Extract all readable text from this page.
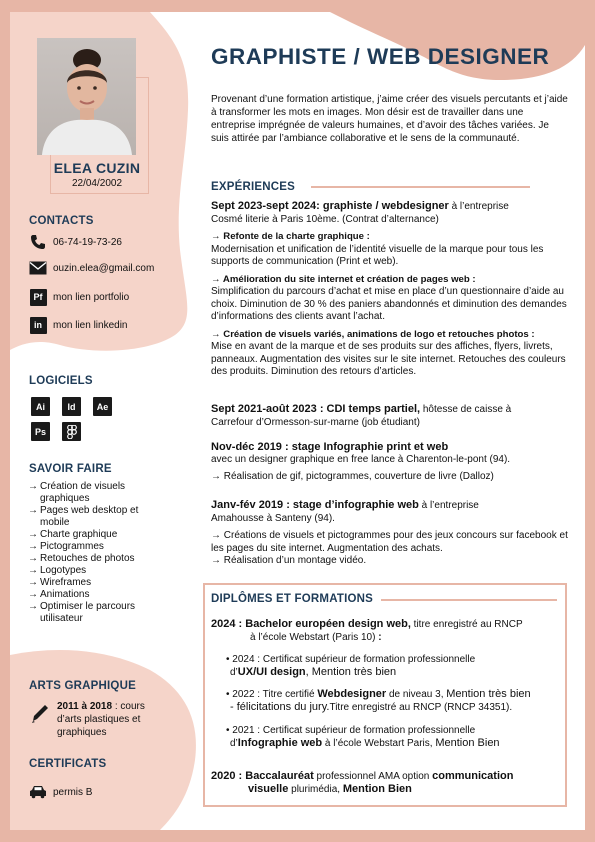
ELEA CUZIN
22/04/2002
CONTACTS
06-74-19-73-26
ouzin.elea@gmail.com
Pf	mon lien portfolio
in	mon lien linkedin
LOGICIELS
Ai	Id	Ae
Ps
SAVOIR FAIRE
→ Création de visuels graphiques
→ Pages web desktop et mobile
→ Charte graphique
→ Pictogrammes
→ Retouches de photos
→ Logotypes
→ Wireframes
→ Animations
→ Optimiser le parcours utilisateur
ARTS GRAPHIQUE
2011 à 2018 : cours d’arts plastiques et graphiques
CERTIFICATS
permis B
GRAPHISTE / WEB DESIGNER
Provenant d’une formation artistique, j’aime créer des visuels percutants et j’aide à transformer les mots en images. Mon désir est de travailler dans une entreprise imprégnée de valeurs humaines, et d’avoir des tâches variées. Je suis attirée par l’ambiance collaborative et le sens de la communauté.
EXPÉRIENCES

Sept 2023-sept 2024: graphiste / webdesigner à l’entreprise

Cosmé literie à Paris 10ème. (Contrat d’alternance)

→ Refonte de la charte graphique :

Modernisation et unification de l’identité visuelle de la marque pour tous les supports de communication (Print et web).

→ Amélioration du site internet et création de pages web :

Simplification du parcours d’achat et mise en place d’un questionnaire d’aide au choix. Diminution de 30 % des paniers abandonnés et diminution des demandes d’informations des clients avant l’achat.

→ Création de visuels variés, animations de logo et retouches photos :

Mise en avant de la marque et de ses produits sur des affiches, flyers, livrets, panneaux. Augmentation des visites sur le site internet. Retouches des couleurs des produits. Diminution des retours d’articles.

Sept 2021-août 2023 : CDI temps partiel, hôtesse de caisse à

Carrefour d’Ormesson-sur-marne (job étudiant)

Nov-déc 2019 : stage Infographie print et web

avec un designer graphique en free lance à Charenton-le-pont (94).

→ Réalisation de gif, pictogrammes, couverture de livre (Dalloz)

Janv-fév 2019 : stage d’infographie web à l’entreprise

Amahousse à Santeny (94).

→ Créations de visuels et pictogrammes pour des jeux concours sur facebook et les pages du site internet. Augmentation des achats.

→ Réalisation d’un montage vidéo.

DIPLÔMES ET FORMATIONS
2024 : Bachelor européen design web, titre enregistré au RNCP
à l’école Webstart (Paris 10) :
• 2024 : Certificat supérieur de formation professionnelle
d’UX/UI design, Mention très bien
• 2022 : Titre certifié Webdesigner de niveau 3, Mention très bien
- félicitations du jury.Titre enregistré au RNCP (RNCP 34351).
• 2021 : Certificat supérieur de formation professionnelle
d’Infographie web à l’école Webstart Paris, Mention Bien
2020 : Baccalauréat professionnel AMA option communication
visuelle plurimédia, Mention Bien
